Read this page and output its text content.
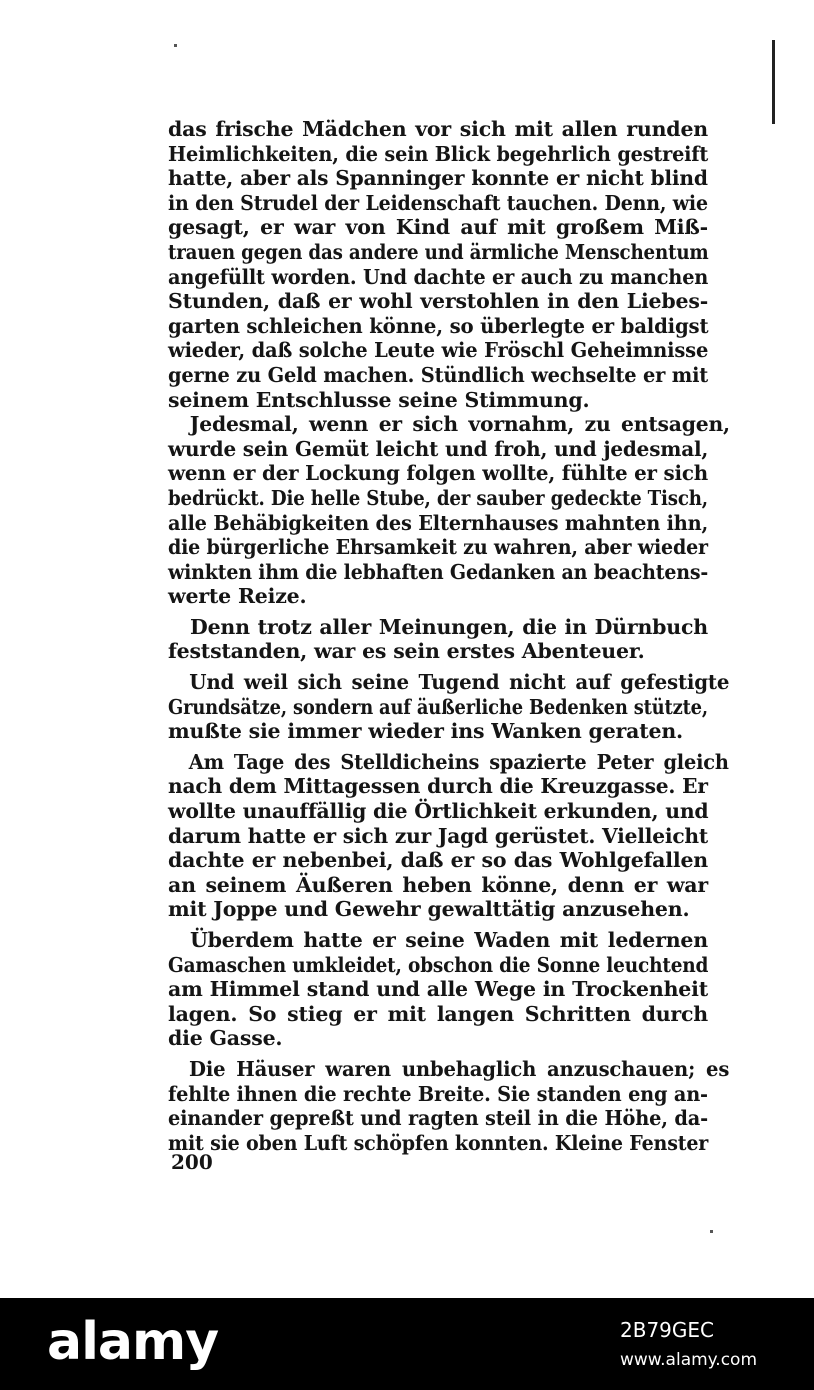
das frische Mädchen vor sich mit allen runden
Heimlichkeiten, die sein Blick begehrlich gestreift
hatte, aber als Spanninger konnte er nicht blind
in den Strudel der Leidenschaft tauchen. Denn, wie
gesagt, er war von Kind auf mit großem Miß-
trauen gegen das andere und ärmliche Menschentum
angefüllt worden. Und dachte er auch zu manchen
Stunden, daß er wohl verstohlen in den Liebes-
garten schleichen könne, so überlegte er baldigst
wieder, daß solche Leute wie Fröschl Geheimnisse
gerne zu Geld machen. Stündlich wechselte er mit
seinem Entschlusse seine Stimmung.
Jedesmal, wenn er sich vornahm, zu entsagen,
wurde sein Gemüt leicht und froh, und jedesmal,
wenn er der Lockung folgen wollte, fühlte er sich
bedrückt. Die helle Stube, der sauber gedeckte Tisch,
alle Behäbigkeiten des Elternhauses mahnten ihn,
die bürgerliche Ehrsamkeit zu wahren, aber wieder
winkten ihm die lebhaften Gedanken an beachtens-
werte Reize.
Denn trotz aller Meinungen, die in Dürnbuch
feststanden, war es sein erstes Abenteuer.
Und weil sich seine Tugend nicht auf gefestigte
Grundsätze, sondern auf äußerliche Bedenken stützte,
mußte sie immer wieder ins Wanken geraten.
Am Tage des Stelldicheins spazierte Peter gleich
nach dem Mittagessen durch die Kreuzgasse. Er
wollte unauffällig die Örtlichkeit erkunden, und
darum hatte er sich zur Jagd gerüstet. Vielleicht
dachte er nebenbei, daß er so das Wohlgefallen
an seinem Äußeren heben könne, denn er war
mit Joppe und Gewehr gewalttätig anzusehen.
Überdem hatte er seine Waden mit ledernen
Gamaschen umkleidet, obschon die Sonne leuchtend
am Himmel stand und alle Wege in Trockenheit
lagen. So stieg er mit langen Schritten durch
die Gasse.
Die Häuser waren unbehaglich anzuschauen; es
fehlte ihnen die rechte Breite. Sie standen eng an-
einander gepreßt und ragten steil in die Höhe, da-
mit sie oben Luft schöpfen konnten. Kleine Fenster
200
alamy	2B79GEC
www.alamy.com
